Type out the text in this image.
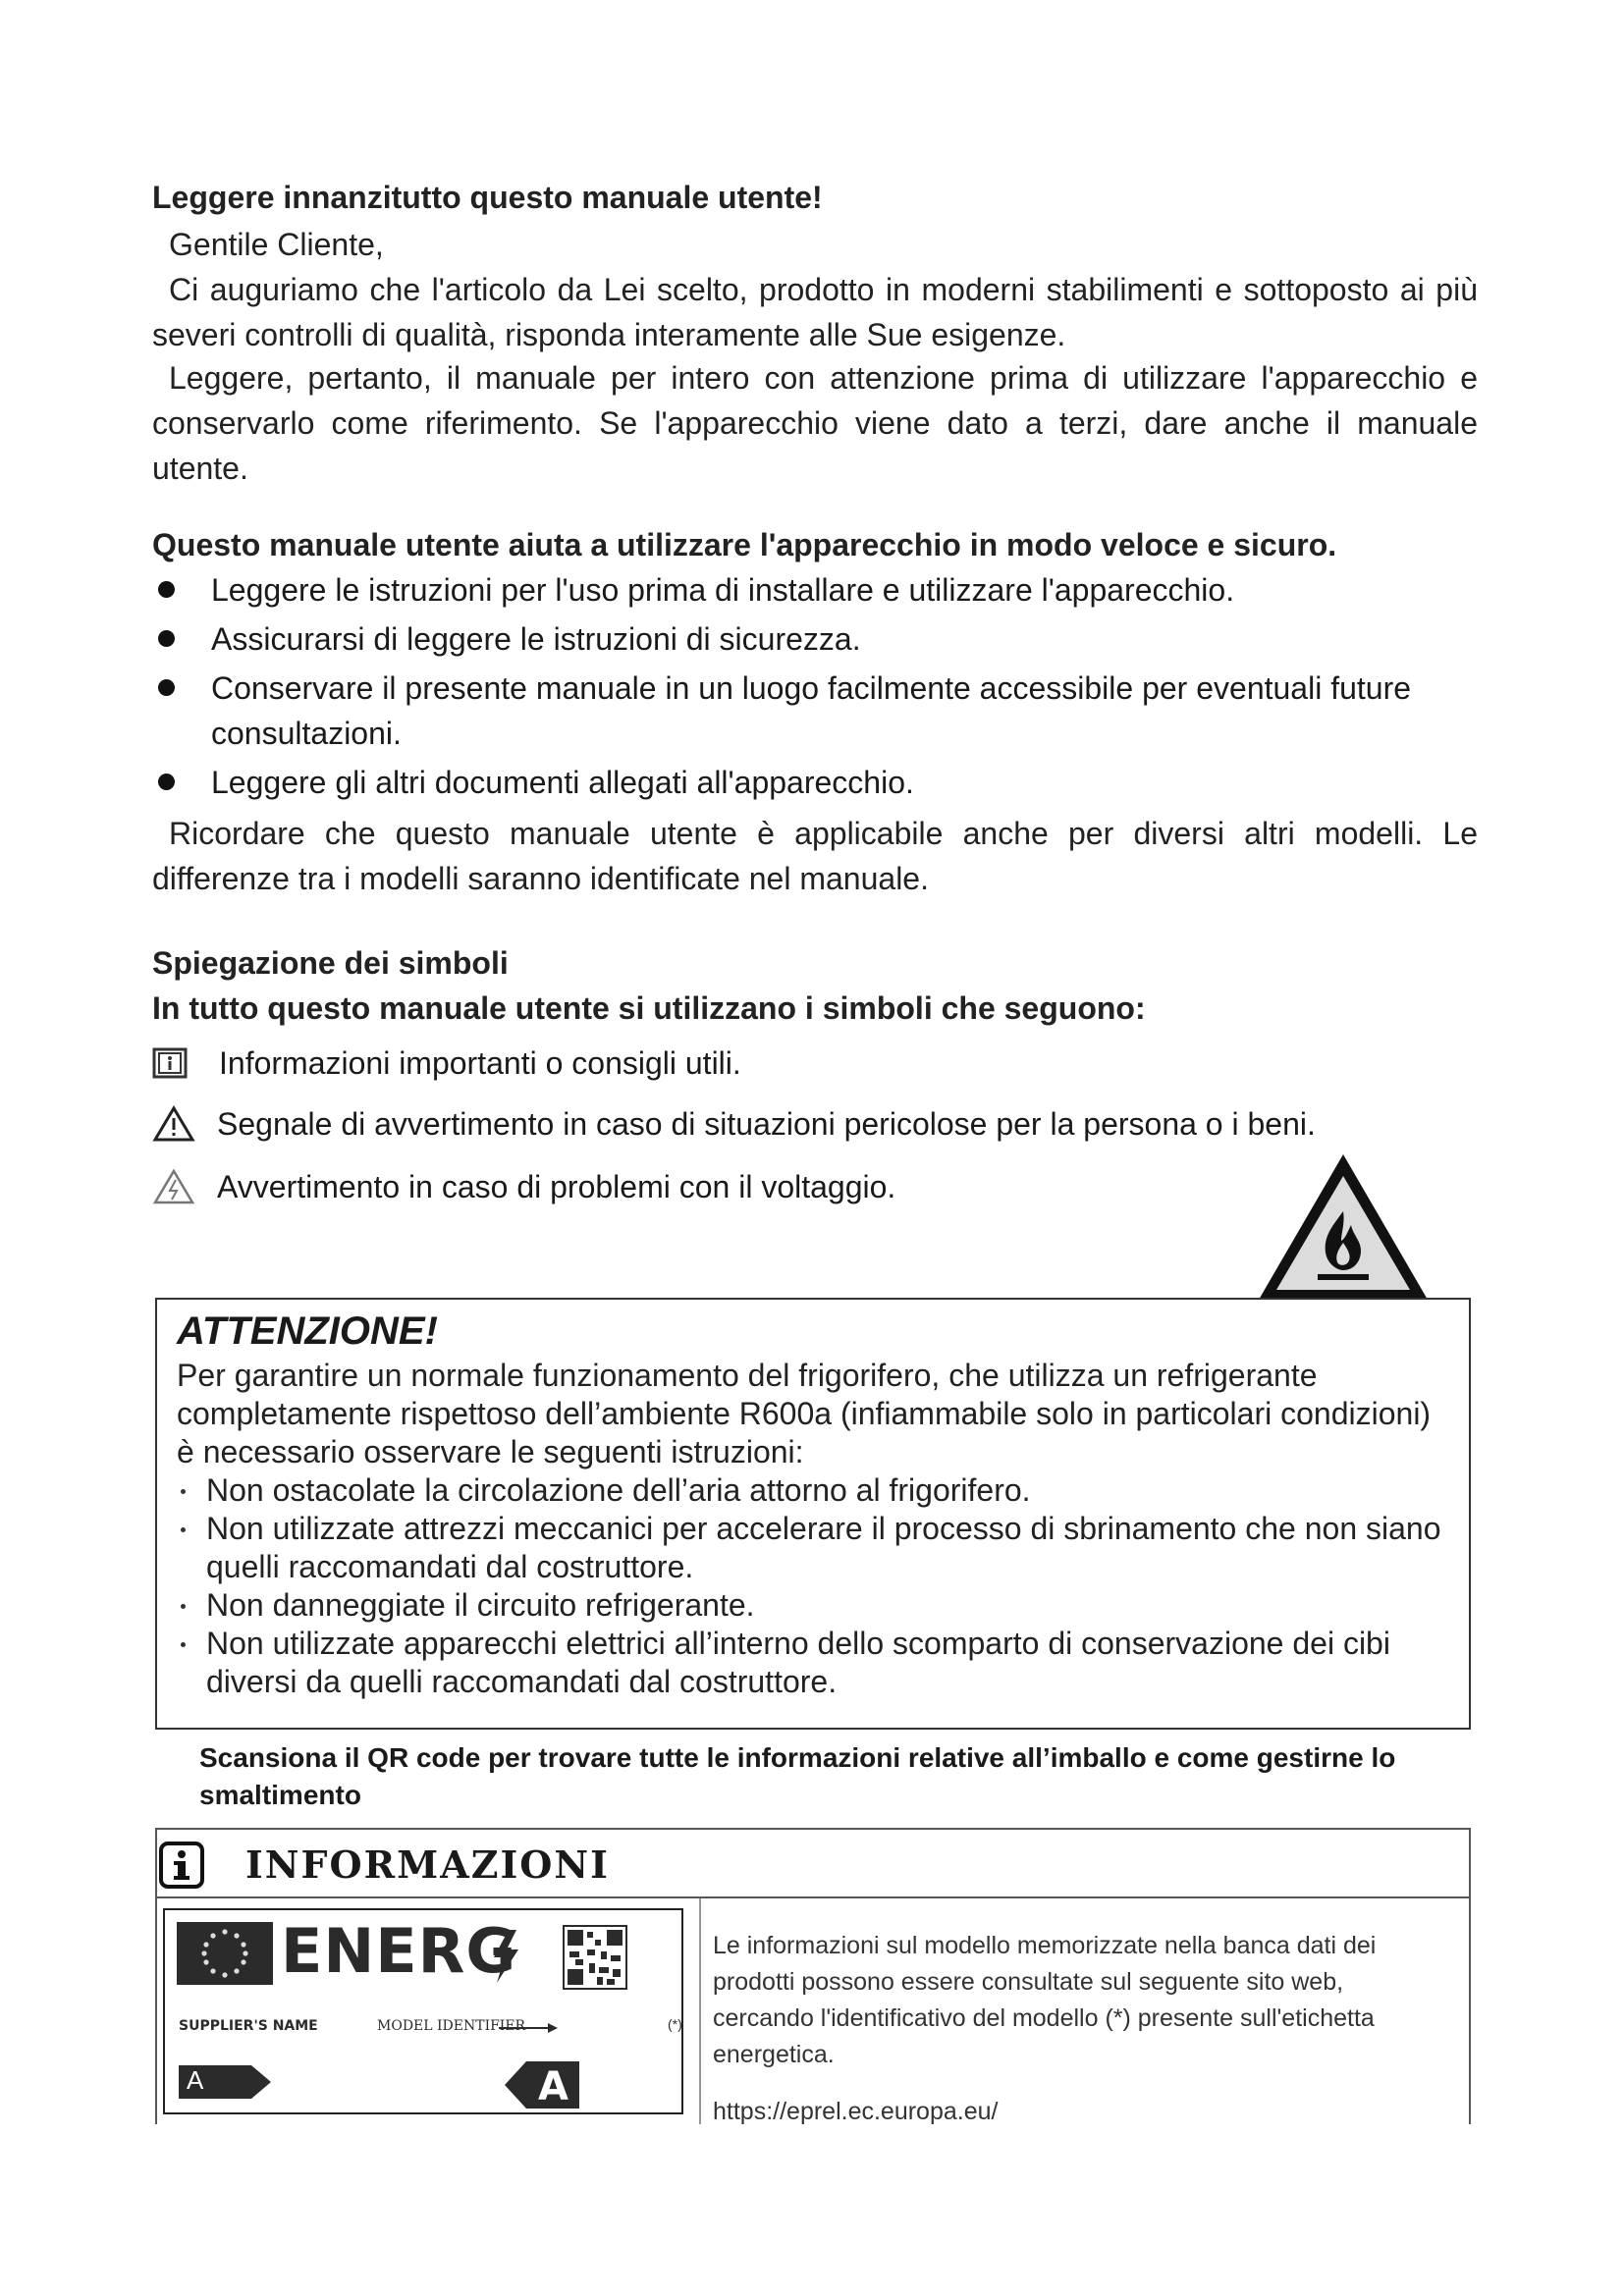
Leggere innanzitutto questo manuale utente!
Gentile Cliente,
Ci auguriamo che l'articolo da Lei scelto, prodotto in moderni stabilimenti e sottoposto ai più severi controlli di qualità, risponda interamente alle Sue esigenze.
Leggere, pertanto, il manuale per intero con attenzione prima di utilizzare l'apparecchio e conservarlo come riferimento. Se l'apparecchio viene dato a terzi, dare anche il manuale utente.
Questo manuale utente aiuta a utilizzare l'apparecchio in modo veloce e sicuro.
Leggere le istruzioni per l'uso prima di installare e utilizzare l'apparecchio.
Assicurarsi di leggere le istruzioni di sicurezza.
Conservare il presente manuale in un luogo facilmente accessibile per eventuali future consultazioni.
Leggere gli altri documenti allegati all'apparecchio.
Ricordare che questo manuale utente è applicabile anche per diversi altri modelli. Le differenze tra i modelli saranno identificate nel manuale.
Spiegazione dei simboli
In tutto questo manuale utente si utilizzano i simboli che seguono:
Informazioni importanti o consigli utili.
Segnale di avvertimento in caso di situazioni pericolose per la persona o i beni.
Avvertimento in caso di problemi con il voltaggio.
ATTENZIONE!
Per garantire un normale funzionamento del frigorifero, che utilizza un refrigerante completamente rispettoso dell’ambiente R600a (infiammabile solo in particolari condizioni) è necessario osservare le seguenti istruzioni:
Non ostacolate la circolazione dell’aria attorno al frigorifero.
Non utilizzate attrezzi meccanici per accelerare il processo di sbrinamento che non siano quelli raccomandati dal costruttore.
Non danneggiate il circuito refrigerante.
Non utilizzate apparecchi elettrici all’interno dello scomparto di conservazione dei cibi diversi da quelli raccomandati dal costruttore.
Scansiona il QR code per trovare tutte le informazioni relative all’imballo e come gestirne lo smaltimento
INFORMAZIONI
ENERG
SUPPLIER'S NAME	MODEL IDENTIFIER
A	A
(*)
Le informazioni sul modello memorizzate nella banca dati dei prodotti possono essere consultate sul seguente sito web, cercando l'identificativo del modello (*) presente sull'etichetta energetica.
https://eprel.ec.europa.eu/
